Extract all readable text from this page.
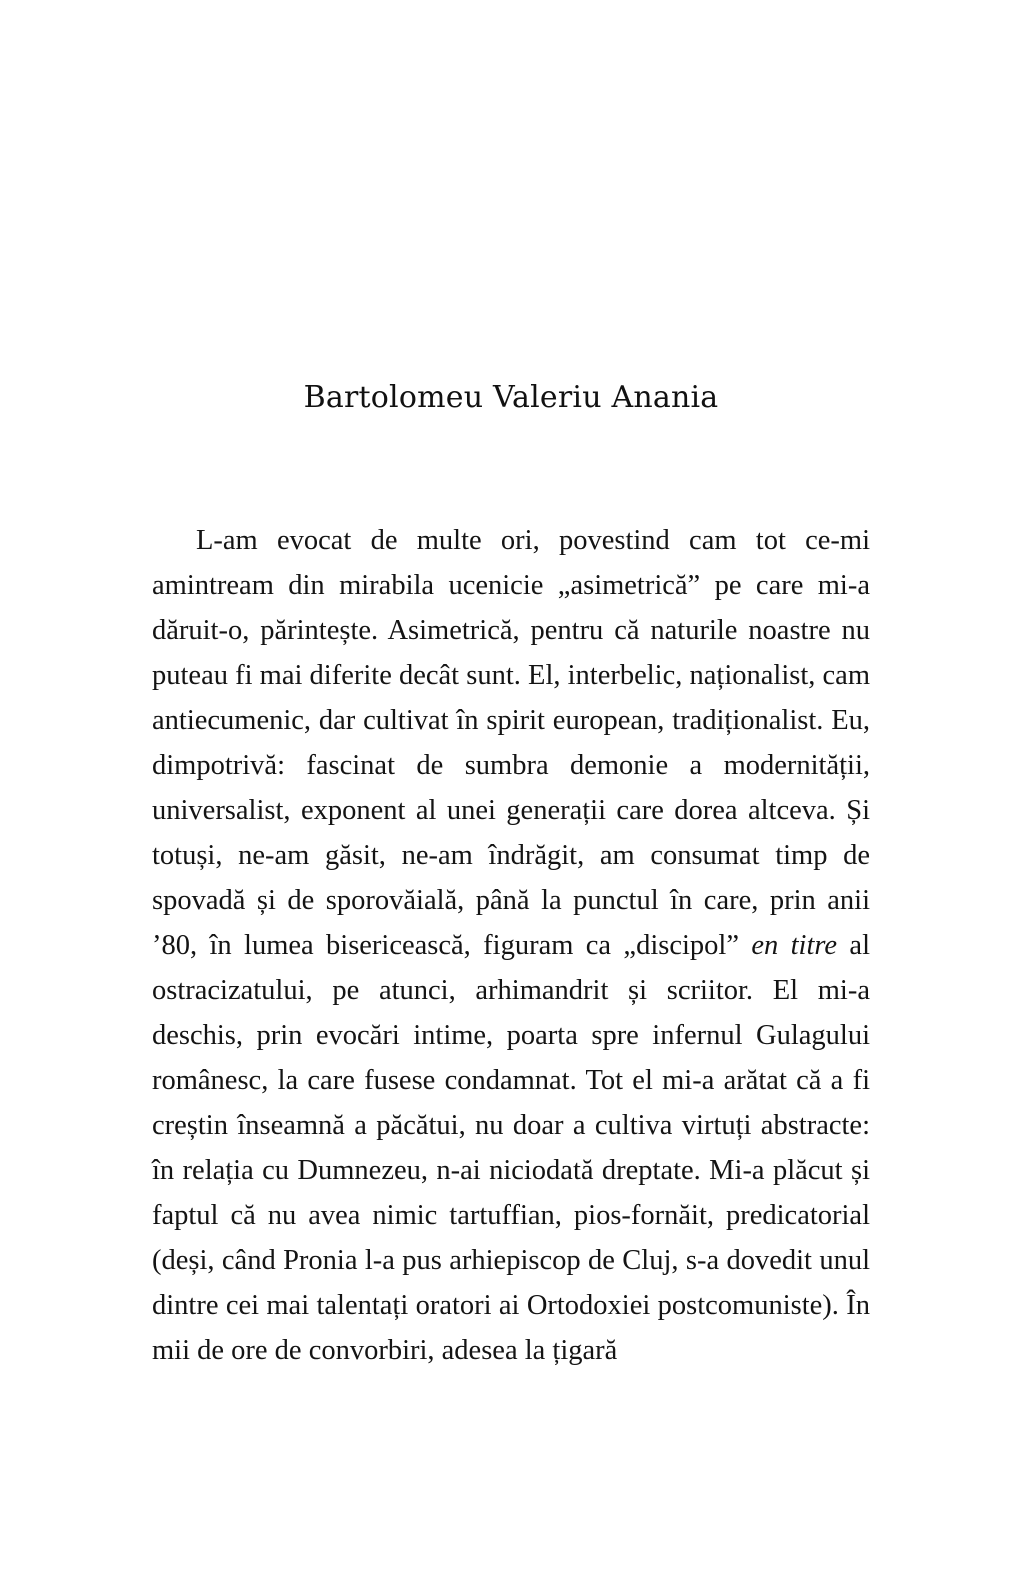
Bartolomeu Valeriu Anania

L-am evocat de multe ori, povestind cam tot ce-mi amintream din mirabila ucenicie „asimetrică” pe care mi-a dăruit-o, părintește. Asimetrică, pentru că naturile noastre nu puteau fi mai diferite decât sunt. El, interbelic, naționalist, cam antiecumenic, dar cultivat în spirit european, tradiționalist. Eu, dimpotrivă: fascinat de sumbra demonie a modernității, universalist, exponent al unei generații care dorea altceva. Și totuși, ne-am găsit, ne-am îndrăgit, am consumat timp de spovadă și de sporovăială, până la punctul în care, prin anii ’80, în lumea bisericească, figuram ca „discipol” en titre al ostracizatului, pe atunci, arhimandrit și scriitor. El mi-a deschis, prin evocări intime, poarta spre infernul Gulagului românesc, la care fusese condamnat. Tot el mi-a arătat că a fi creștin înseamnă a păcătui, nu doar a cultiva virtuți abstracte: în relația cu Dumnezeu, n-ai niciodată dreptate. Mi-a plăcut și faptul că nu avea nimic tartuffian, pios-fornăit, predicatorial (deși, când Pronia l-a pus arhiepiscop de Cluj, s-a dovedit unul dintre cei mai talentați oratori ai Ortodoxiei postcomuniste). În mii de ore de convorbiri, adesea la țigară
